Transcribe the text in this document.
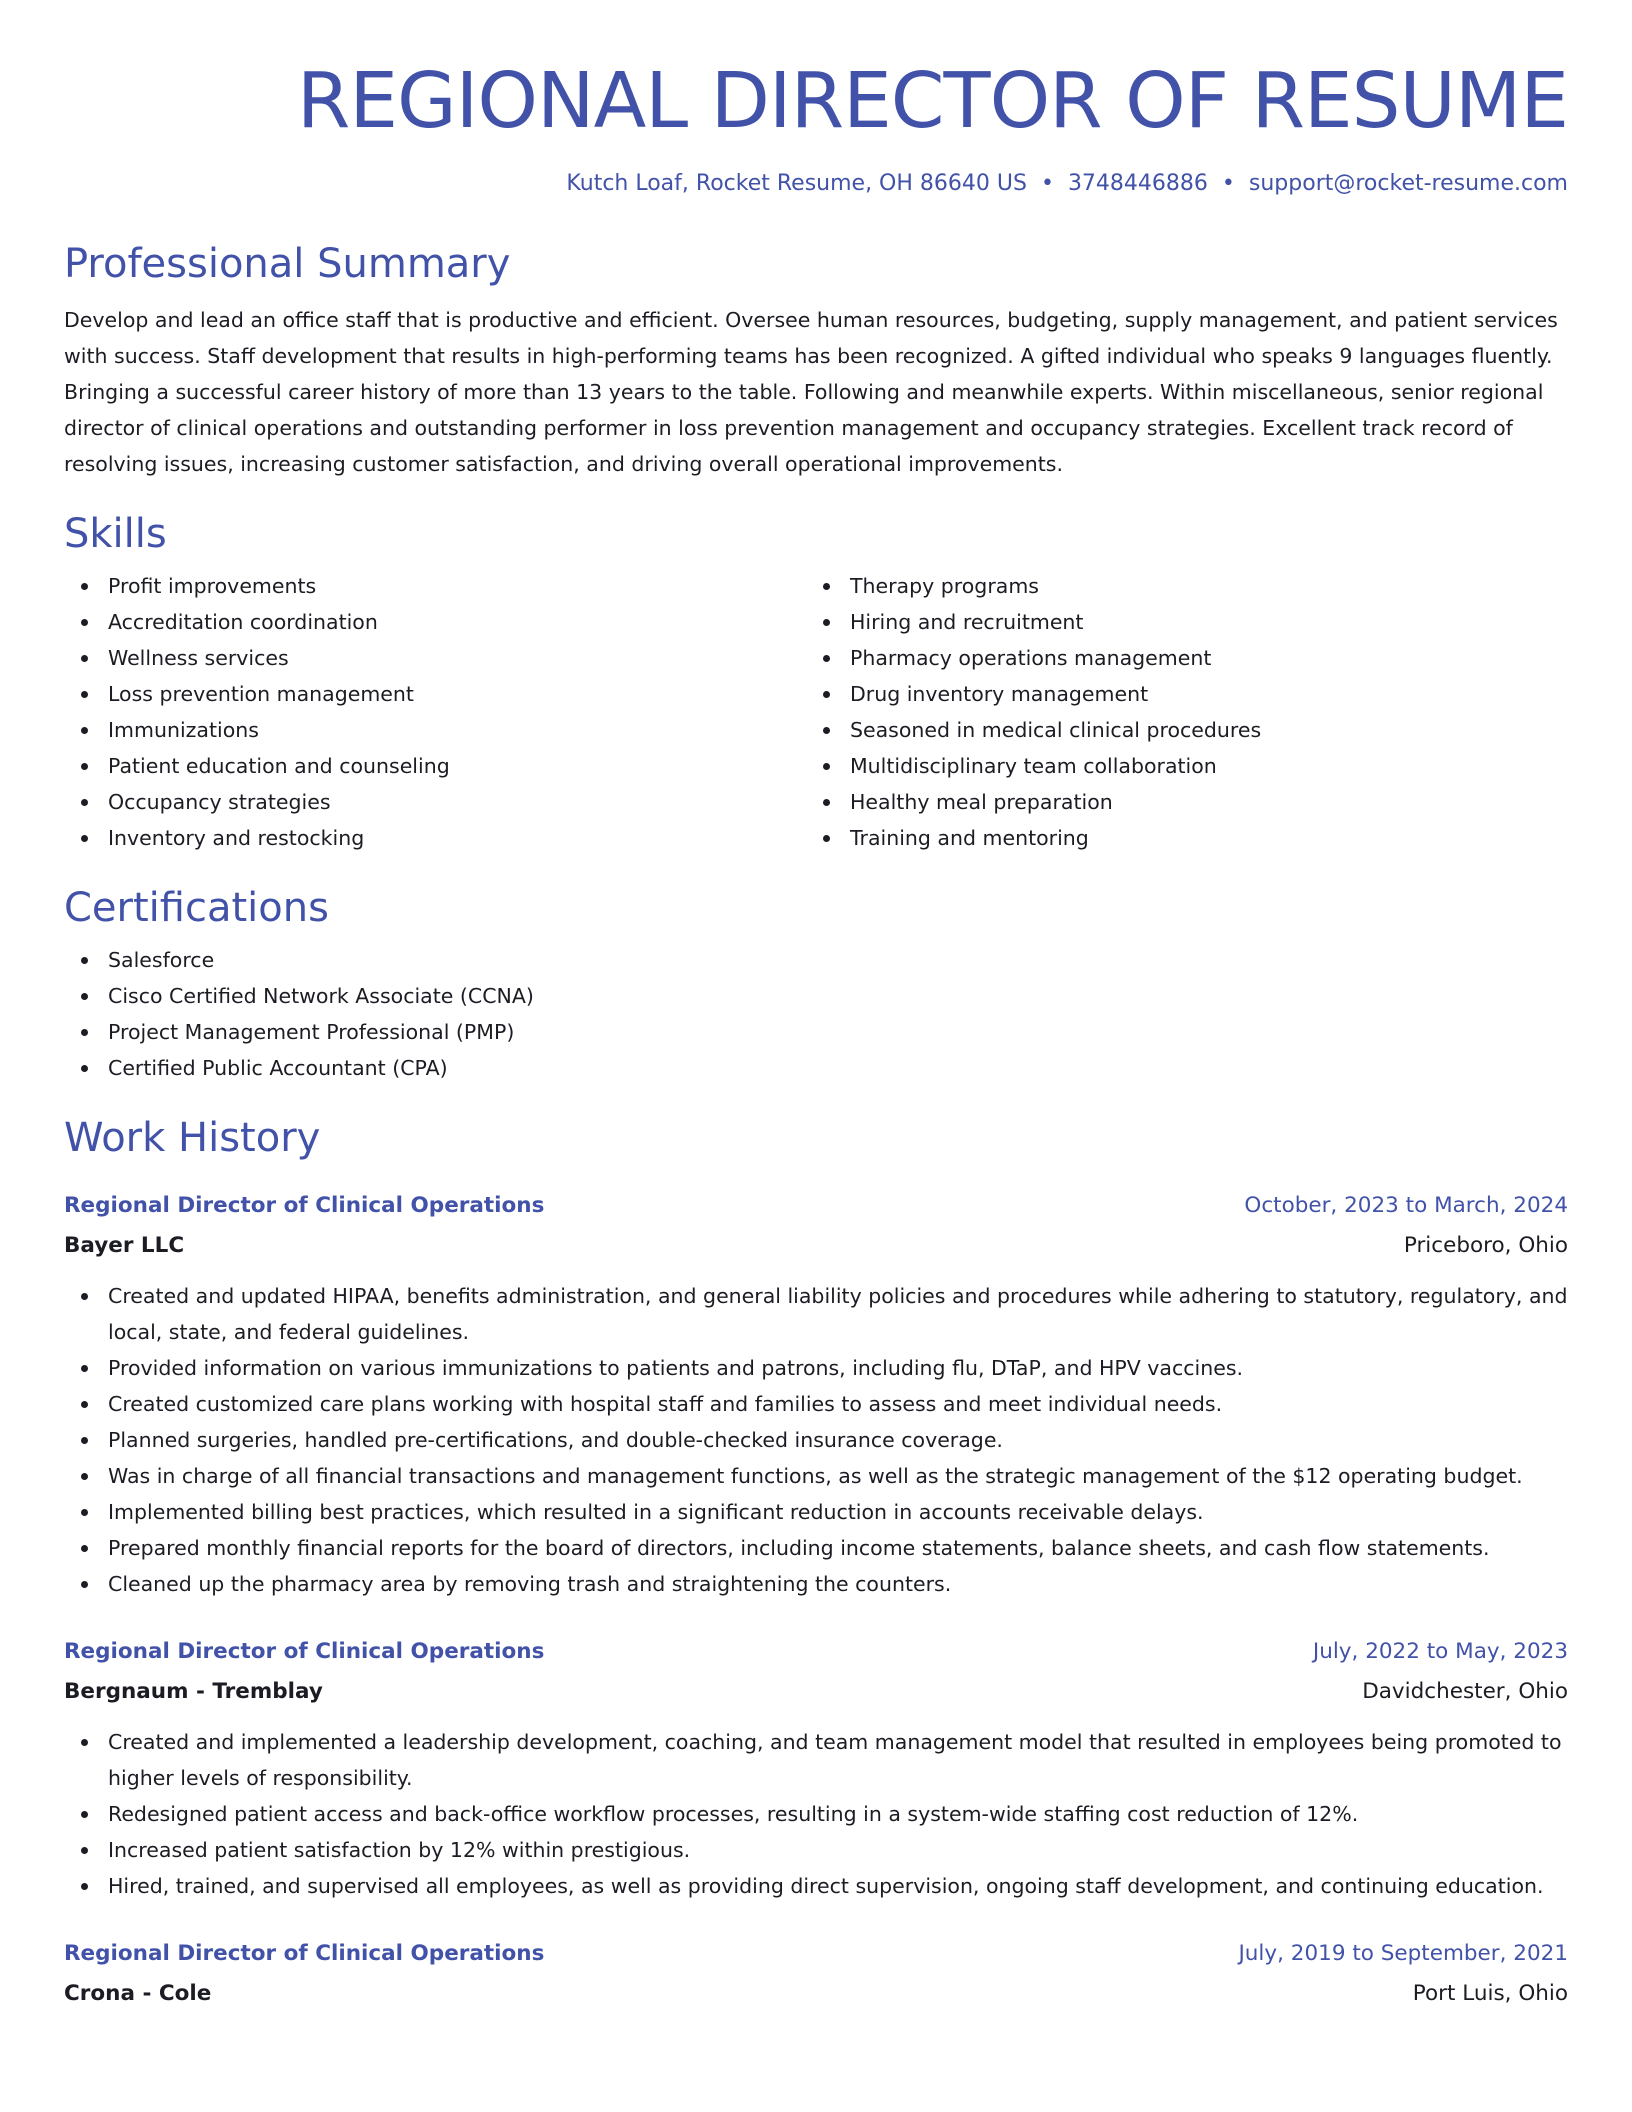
REGIONAL DIRECTOR OF RESUME
Kutch Loaf, Rocket Resume, OH 86640 US • 3748446886 • support@rocket-resume.com
Professional Summary

Develop and lead an office staff that is productive and efficient. Oversee human resources, budgeting, supply management, and patient services with success. Staff development that results in high-performing teams has been recognized. A gifted individual who speaks 9 languages fluently. Bringing a successful career history of more than 13 years to the table. Following and meanwhile experts. Within miscellaneous, senior regional director of clinical operations and outstanding performer in loss prevention management and occupancy strategies. Excellent track record of resolving issues, increasing customer satisfaction, and driving overall operational improvements.

Skills
Profit improvements
Accreditation coordination
Wellness services
Loss prevention management
Immunizations
Patient education and counseling
Occupancy strategies
Inventory and restocking
Therapy programs
Hiring and recruitment
Pharmacy operations management
Drug inventory management
Seasoned in medical clinical procedures
Multidisciplinary team collaboration
Healthy meal preparation
Training and mentoring
Certifications
Salesforce
Cisco Certified Network Associate (CCNA)
Project Management Professional (PMP)
Certified Public Accountant (CPA)
Work History
Regional Director of Clinical Operations	October, 2023 to March, 2024
Bayer LLC	Priceboro, Ohio
Created and updated HIPAA, benefits administration, and general liability policies and procedures while adhering to statutory, regulatory, and local, state, and federal guidelines.
Provided information on various immunizations to patients and patrons, including flu, DTaP, and HPV vaccines.
Created customized care plans working with hospital staff and families to assess and meet individual needs.
Planned surgeries, handled pre-certifications, and double-checked insurance coverage.
Was in charge of all financial transactions and management functions, as well as the strategic management of the $12 operating budget.
Implemented billing best practices, which resulted in a significant reduction in accounts receivable delays.
Prepared monthly financial reports for the board of directors, including income statements, balance sheets, and cash flow statements.
Cleaned up the pharmacy area by removing trash and straightening the counters.
Regional Director of Clinical Operations	July, 2022 to May, 2023
Bergnaum - Tremblay	Davidchester, Ohio
Created and implemented a leadership development, coaching, and team management model that resulted in employees being promoted to higher levels of responsibility.
Redesigned patient access and back-office workflow processes, resulting in a system-wide staffing cost reduction of 12%.
Increased patient satisfaction by 12% within prestigious.
Hired, trained, and supervised all employees, as well as providing direct supervision, ongoing staff development, and continuing education.
Regional Director of Clinical Operations	July, 2019 to September, 2021
Crona - Cole	Port Luis, Ohio
